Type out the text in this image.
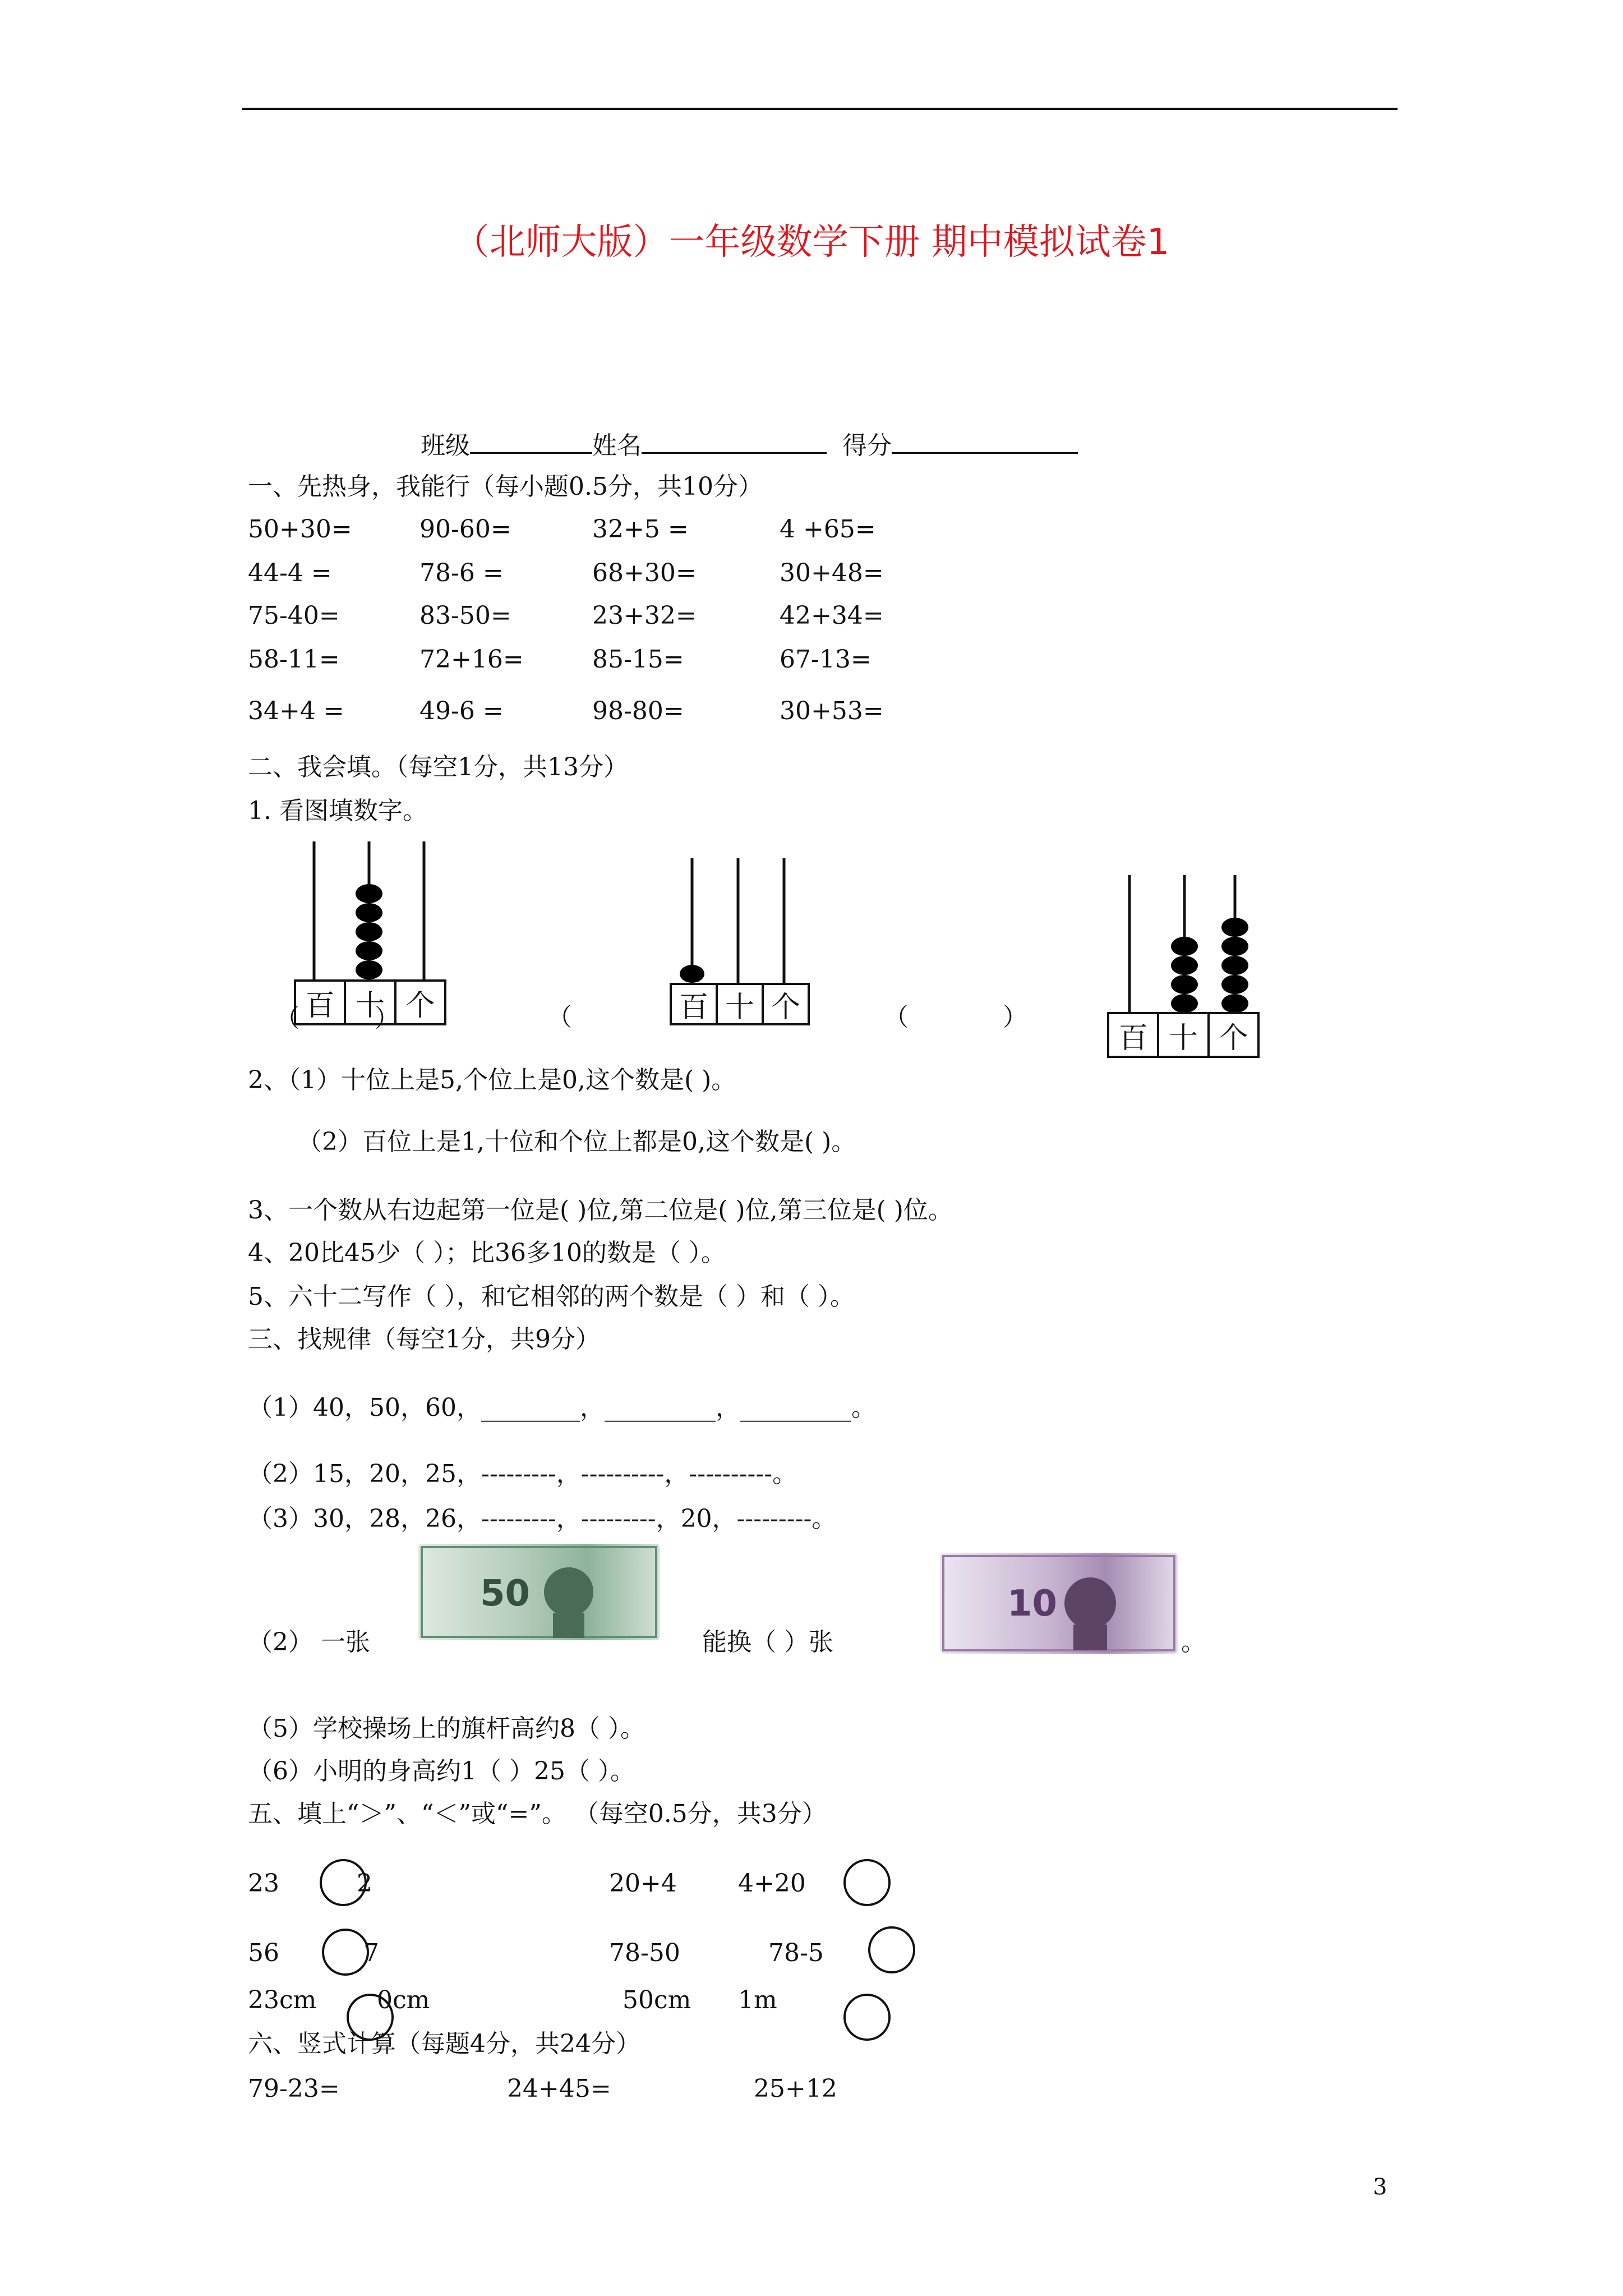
（北师大版）一年级数学下册 期中模拟试卷1
班级	姓名	得分
一、先热身，我能行（每小题0.5分，共10分）
50+30=	90-60=	32+5 =	4 +65=
44-4 =	78-6 =	68+30=	30+48=
75-40=	83-50=	23+32=	42+34=
58-11=	72+16=	85-15=	67-13=
34+4 =	49-6 =	98-80=	30+53=
二、我会填。（每空1分，共13分）
1. 看图填数字。
百 十 个
（	）	百 十 个
（	（	）
百 十 个
2、（1）十位上是5,个位上是0,这个数是( )。
（2）百位上是1,十位和个位上都是0,这个数是( )。
3、一个数从右边起第一位是( )位,第二位是( )位,第三位是( )位。
4、20比45少（ ）；比36多10的数是（ ）。
5、六十二写作（ ），和它相邻的两个数是（ ）和（ ）。
三、找规律（每空1分，共9分）
（1）40，50，60，________，_________，_________。
（2）15，20，25，---------，----------，----------。
（3）30，28，26，---------，---------，20，---------。
50
（2） 一张	能换（ ）张
10
。
（5）学校操场上的旗杆高约8（ ）。
（6）小明的身高约1（ ）25（ ）。
五、填上“＞”、“＜”或“=”。 （每空0.5分，共3分）
23	2	20+4 4+20
56	7	78-50	78-5
23cm 0cm	50cm 1m
六、竖式计算（每题4分，共24分）
79-23=	24+45=	25+12
3
